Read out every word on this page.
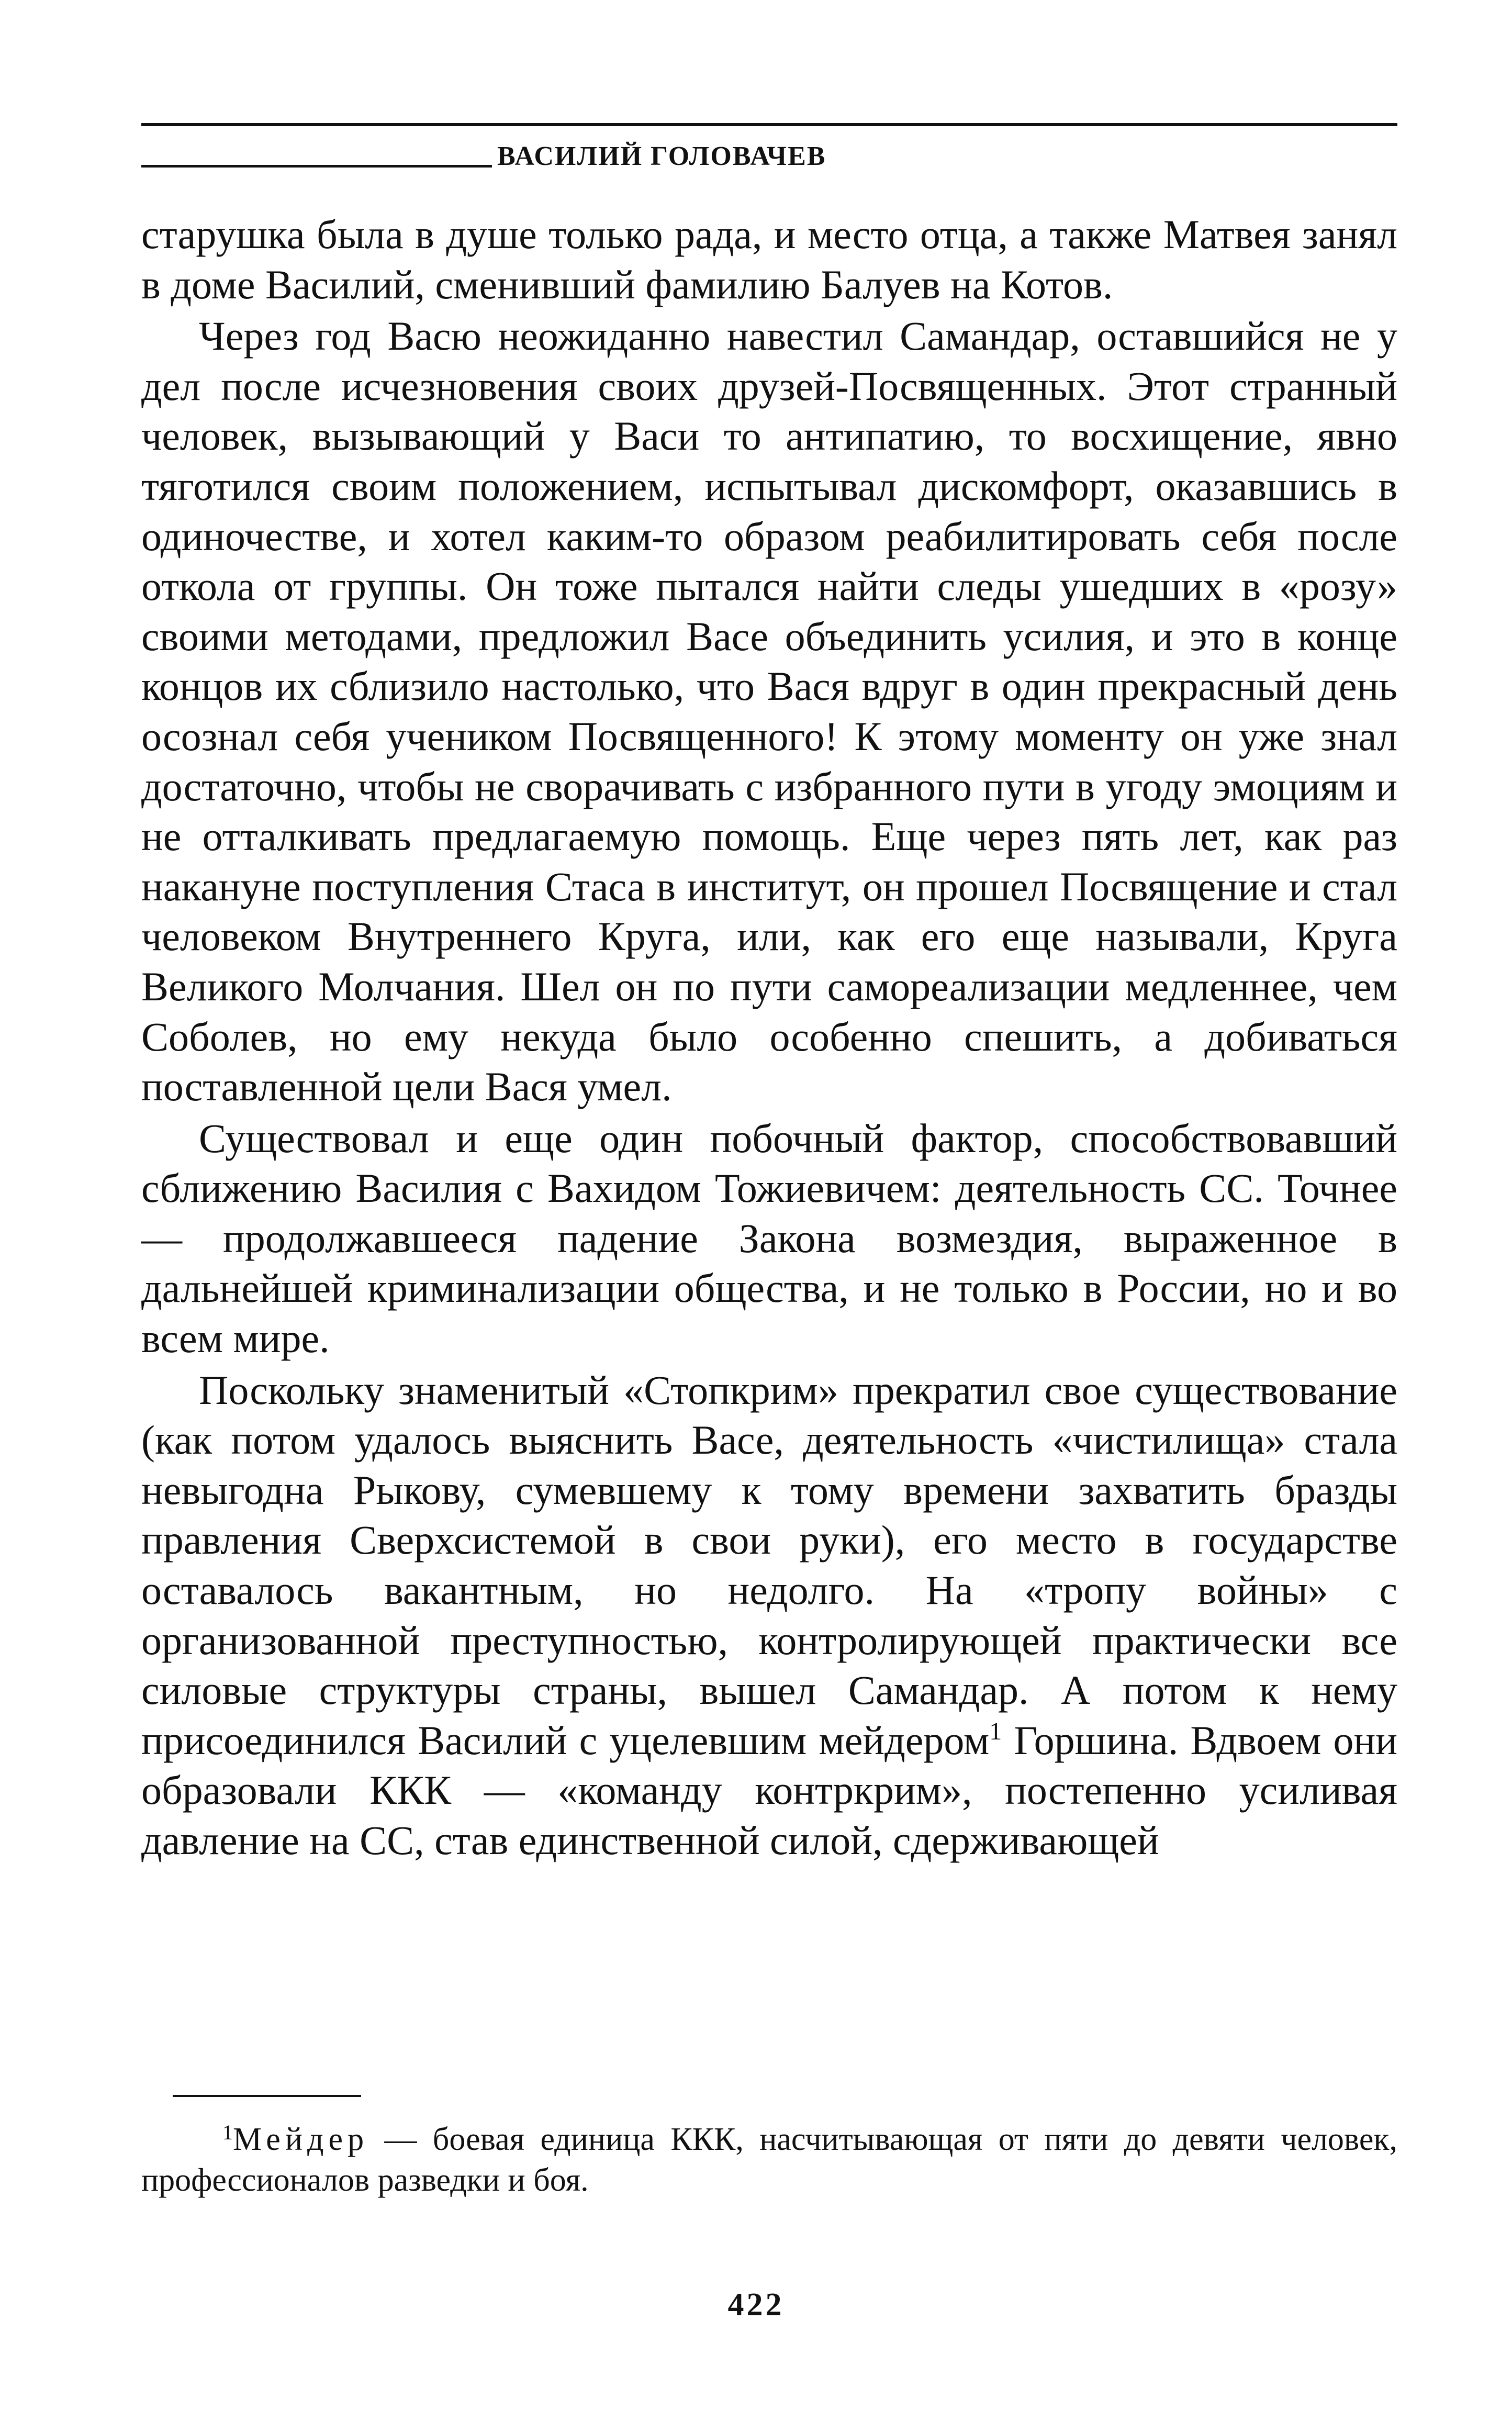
ВАСИЛИЙ ГОЛОВАЧЕВ

старушка была в душе только рада, и место отца, а также Матвея занял в доме Василий, сменивший фамилию Балуев на Котов.

Через год Васю неожиданно навестил Самандар, оставшийся не у дел после исчезновения своих друзей-Посвященных. Этот странный человек, вызывающий у Васи то антипатию, то восхищение, явно тяготился своим положением, испытывал дискомфорт, оказавшись в одиночестве, и хотел каким-то образом реабилитировать себя после откола от группы. Он тоже пытался найти следы ушедших в «розу» своими методами, предложил Васе объединить усилия, и это в конце концов их сблизило настолько, что Вася вдруг в один прекрасный день осознал себя учеником Посвященного! К этому моменту он уже знал достаточно, чтобы не сворачивать с избранного пути в угоду эмоциям и не отталкивать предлагаемую помощь. Еще через пять лет, как раз накануне поступления Стаса в институт, он прошел Посвящение и стал человеком Внутреннего Круга, или, как его еще называли, Круга Великого Молчания. Шел он по пути самореализации медленнее, чем Соболев, но ему некуда было особенно спешить, а добиваться поставленной цели Вася умел.

Существовал и еще один побочный фактор, способствовавший сближению Василия с Вахидом Тожиевичем: деятельность СС. Точнее — продолжавшееся падение Закона возмездия, выраженное в дальнейшей криминализации общества, и не только в России, но и во всем мире.

Поскольку знаменитый «Стопкрим» прекратил свое существование (как потом удалось выяснить Васе, деятельность «чистилища» стала невыгодна Рыкову, сумевшему к тому времени захватить бразды правления Сверхсистемой в свои руки), его место в государстве оставалось вакантным, но недолго. На «тропу войны» с организованной преступностью, контролирующей практически все силовые структуры страны, вышел Самандар. А потом к нему присоединился Василий с уцелевшим мейдером$^1$ Горшина. Вдвоем они образовали ККК — «команду контркрим», постепенно усиливая давление на СС, став единственной силой, сдерживающей

$^1$Мейдер — боевая единица ККК, насчитывающая от пяти до девяти человек, профессионалов разведки и боя.
422
